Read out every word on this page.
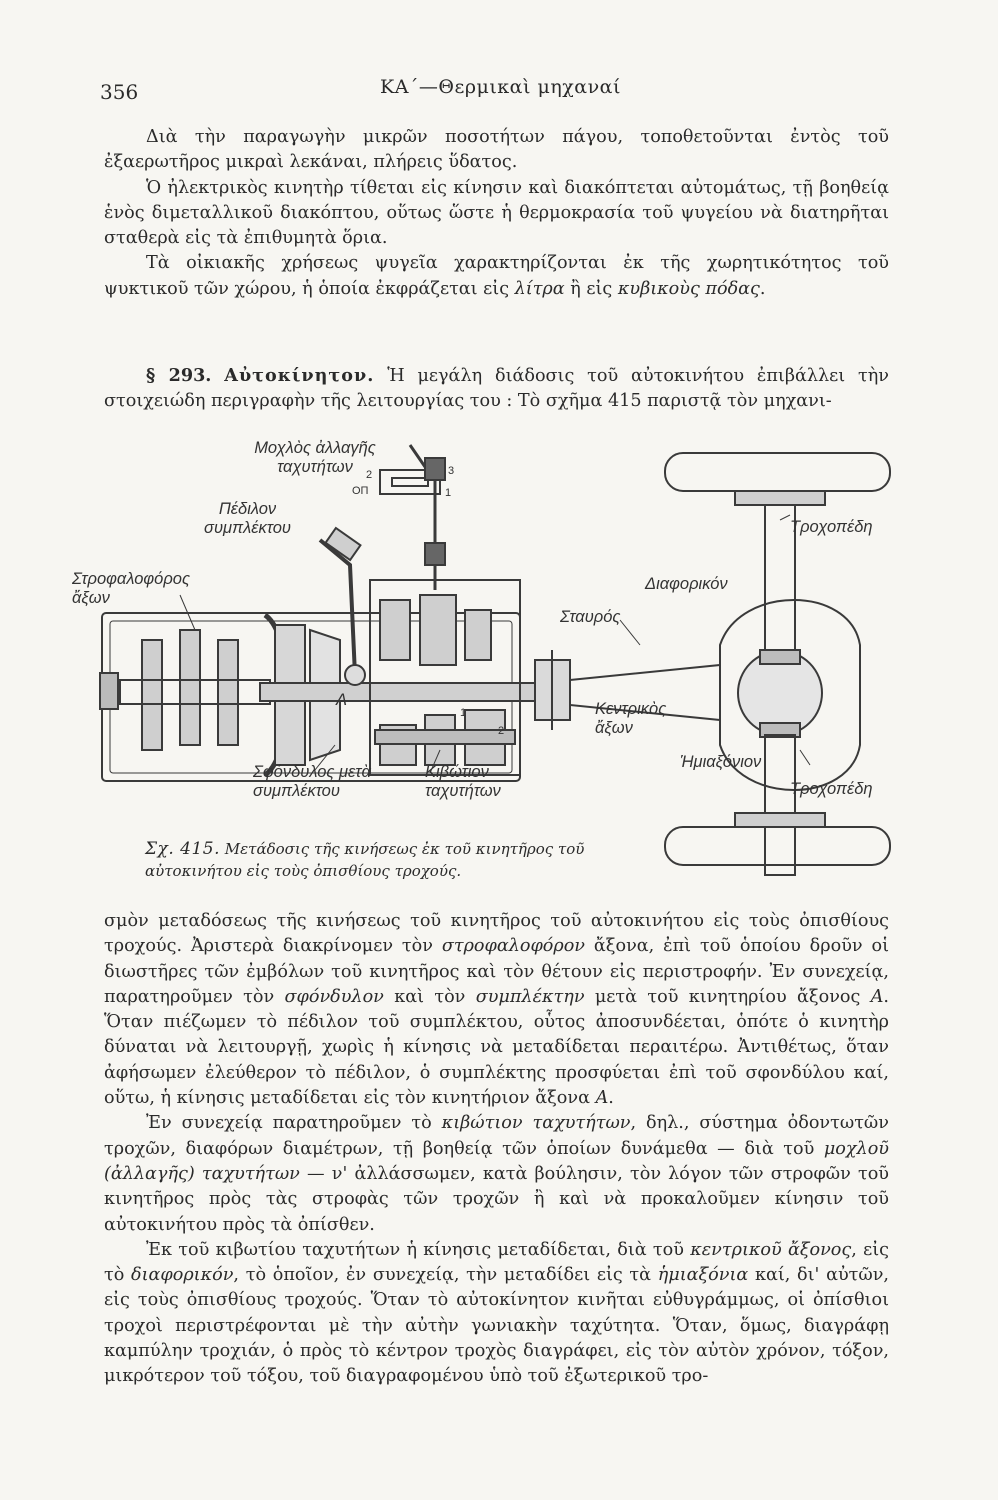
356	ΚΑ΄—Θερμικαὶ μηχαναί

Διὰ τὴν παραγωγὴν μικρῶν ποσοτήτων πάγου, τοποθετοῦνται ἐντὸς τοῦ ἐξαερωτῆρος μικραὶ λεκάναι, πλήρεις ὕδατος.

Ὁ ἠλεκτρικὸς κινητὴρ τίθεται εἰς κίνησιν καὶ διακόπτεται αὐτομάτως, τῇ βοηθείᾳ ἑνὸς διμεταλλικοῦ διακόπτου, οὕτως ὥστε ἡ θερμοκρασία τοῦ ψυγείου νὰ διατηρῆται σταθερὰ εἰς τὰ ἐπιθυμητὰ ὅρια.

Τὰ οἰκιακῆς χρήσεως ψυγεῖα χαρακτηρίζονται ἐκ τῆς χωρητικότητος τοῦ ψυκτικοῦ τῶν χώρου, ἡ ὁποία ἐκφράζεται εἰς λίτρα ἢ εἰς κυβικοὺς πόδας.

§ 293. Αὐτοκίνητον. Ἡ μεγάλη διάδοσις τοῦ αὐτοκινήτου ἐπιβάλλει τὴν στοιχειώδη περιγραφὴν τῆς λειτουργίας του : Τὸ σχῆμα 415 παριστᾷ τὸν μηχανι-

Μοχλὸς ἀλλαγῆς ταχυτήτων
Πέδιλον συμπλέκτου
Στροφαλοφόρος ἄξων
Σταυρός
Διαφορικόν
Τροχοπέδη
Κεντρικὸς ἄξων
Ἡμιαξόνιον
Τροχοπέδη
Σφόνδυλος μετὰ συμπλέκτου
Κιβώτιον ταχυτήτων
A
ΟΠ
2	3
1
1
2
Σχ. 415. Μετάδοσις τῆς κινήσεως ἐκ τοῦ κινητῆρος τοῦ αὐτοκινήτου εἰς τοὺς ὀπισθίους τροχούς.

σμὸν μεταδόσεως τῆς κινήσεως τοῦ κινητῆρος τοῦ αὐτοκινήτου εἰς τοὺς ὀπισθίους τροχούς. Ἀριστερὰ διακρίνομεν τὸν στροφαλοφόρον ἄξονα, ἐπὶ τοῦ ὁποίου δροῦν οἱ διωστῆρες τῶν ἐμβόλων τοῦ κινητῆρος καὶ τὸν θέτουν εἰς περιστροφήν. Ἐν συνεχείᾳ, παρατηροῦμεν τὸν σφόνδυλον καὶ τὸν συμπλέκτην μετὰ τοῦ κινητηρίου ἄξονος Α. Ὅταν πιέζωμεν τὸ πέδιλον τοῦ συμπλέκτου, οὗτος ἀποσυνδέεται, ὁπότε ὁ κινητὴρ δύναται νὰ λειτουργῇ, χωρὶς ἡ κίνησις νὰ μεταδίδεται περαιτέρω. Ἀντιθέτως, ὅταν ἀφήσωμεν ἐλεύθερον τὸ πέδιλον, ὁ συμπλέκτης προσφύεται ἐπὶ τοῦ σφονδύλου καί, οὕτω, ἡ κίνησις μεταδίδεται εἰς τὸν κινητήριον ἄξονα Α.

Ἐν συνεχείᾳ παρατηροῦμεν τὸ κιβώτιον ταχυτήτων, δηλ., σύστημα ὀδοντωτῶν τροχῶν, διαφόρων διαμέτρων, τῇ βοηθείᾳ τῶν ὁποίων δυνάμεθα — διὰ τοῦ μοχλοῦ (ἀλλαγῆς) ταχυτήτων — ν' ἀλλάσσωμεν, κατὰ βούλησιν, τὸν λόγον τῶν στροφῶν τοῦ κινητῆρος πρὸς τὰς στροφὰς τῶν τροχῶν ἢ καὶ νὰ προκαλοῦμεν κίνησιν τοῦ αὐτοκινήτου πρὸς τὰ ὀπίσθεν.

Ἐκ τοῦ κιβωτίου ταχυτήτων ἡ κίνησις μεταδίδεται, διὰ τοῦ κεντρικοῦ ἄξονος, εἰς τὸ διαφορικόν, τὸ ὁποῖον, ἐν συνεχείᾳ, τὴν μεταδίδει εἰς τὰ ἡμιαξόνια καί, δι' αὐτῶν, εἰς τοὺς ὀπισθίους τροχούς. Ὅταν τὸ αὐτοκίνητον κινῆται εὐθυγράμμως, οἱ ὀπίσθιοι τροχοὶ περιστρέφονται μὲ τὴν αὐτὴν γωνιακὴν ταχύτητα. Ὅταν, ὅμως, διαγράφῃ καμπύλην τροχιάν, ὁ πρὸς τὸ κέντρον τροχὸς διαγράφει, εἰς τὸν αὐτὸν χρόνον, τόξον, μικρότερον τοῦ τόξου, τοῦ διαγραφομένου ὑπὸ τοῦ ἐξωτερικοῦ τρο-
